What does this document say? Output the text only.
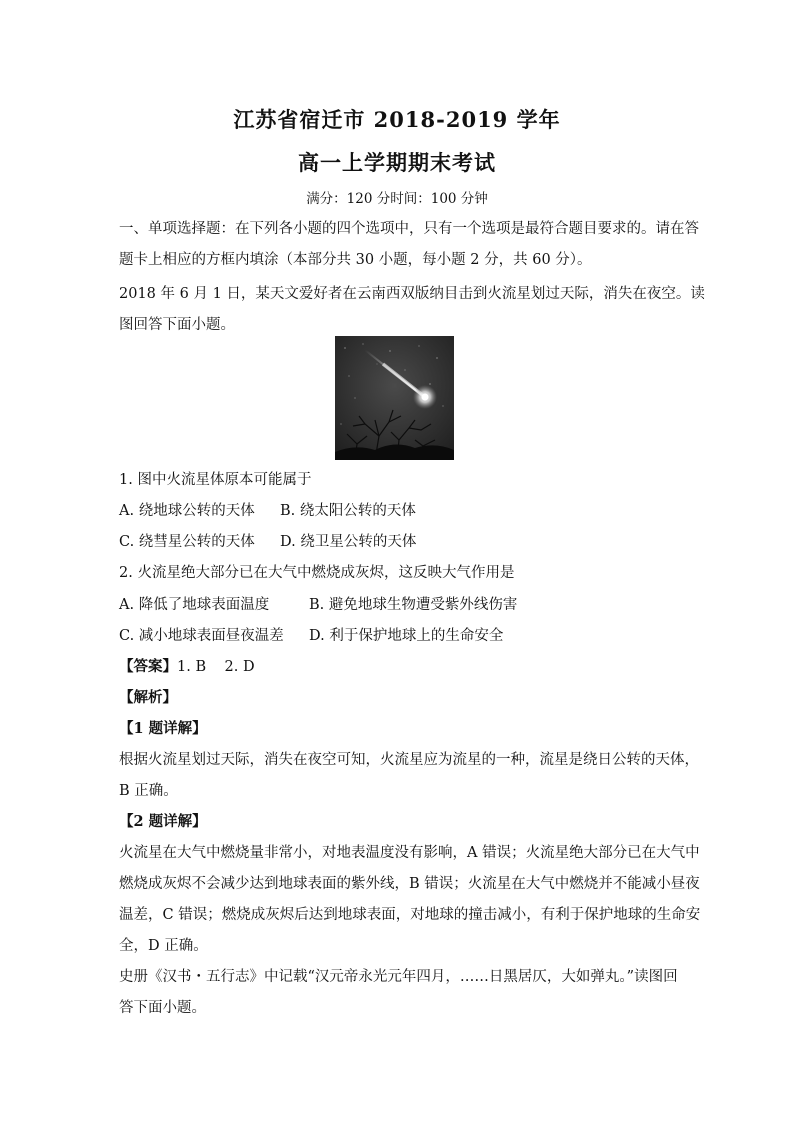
江苏省宿迁市 2018-2019 学年
高一上学期期末考试
满分：120 分时间：100 分钟
一、单项选择题：在下列各小题的四个选项中，只有一个选项是最符合题目要求的。请在答
题卡上相应的方框内填涂（本部分共 30 小题，每小题 2 分，共 60 分）。
2018 年 6 月 1 日，某天文爱好者在云南西双版纳目击到火流星划过天际，消失在夜空。读
图回答下面小题。
1. 图中火流星体原本可能属于
A. 绕地球公转的天体 B. 绕太阳公转的天体
C. 绕彗星公转的天体 D. 绕卫星公转的天体
2. 火流星绝大部分已在大气中燃烧成灰烬，这反映大气作用是
A. 降低了地球表面温度	B. 避免地球生物遭受紫外线伤害
C. 减小地球表面昼夜温差 D. 利于保护地球上的生命安全
【答案】1. B    2. D
【解析】
【1 题详解】
根据火流星划过天际，消失在夜空可知，火流星应为流星的一种，流星是绕日公转的天体，
B 正确。
【2 题详解】
火流星在大气中燃烧量非常小，对地表温度没有影响，A 错误；火流星绝大部分已在大气中
燃烧成灰烬不会减少达到地球表面的紫外线，B 错误；火流星在大气中燃烧并不能减小昼夜
温差，C 错误；燃烧成灰烬后达到地球表面，对地球的撞击减小，有利于保护地球的生命安
全，D 正确。
史册《汉书・五行志》中记载“汉元帝永光元年四月，……日黑居仄，大如弹丸。”读图回
答下面小题。
